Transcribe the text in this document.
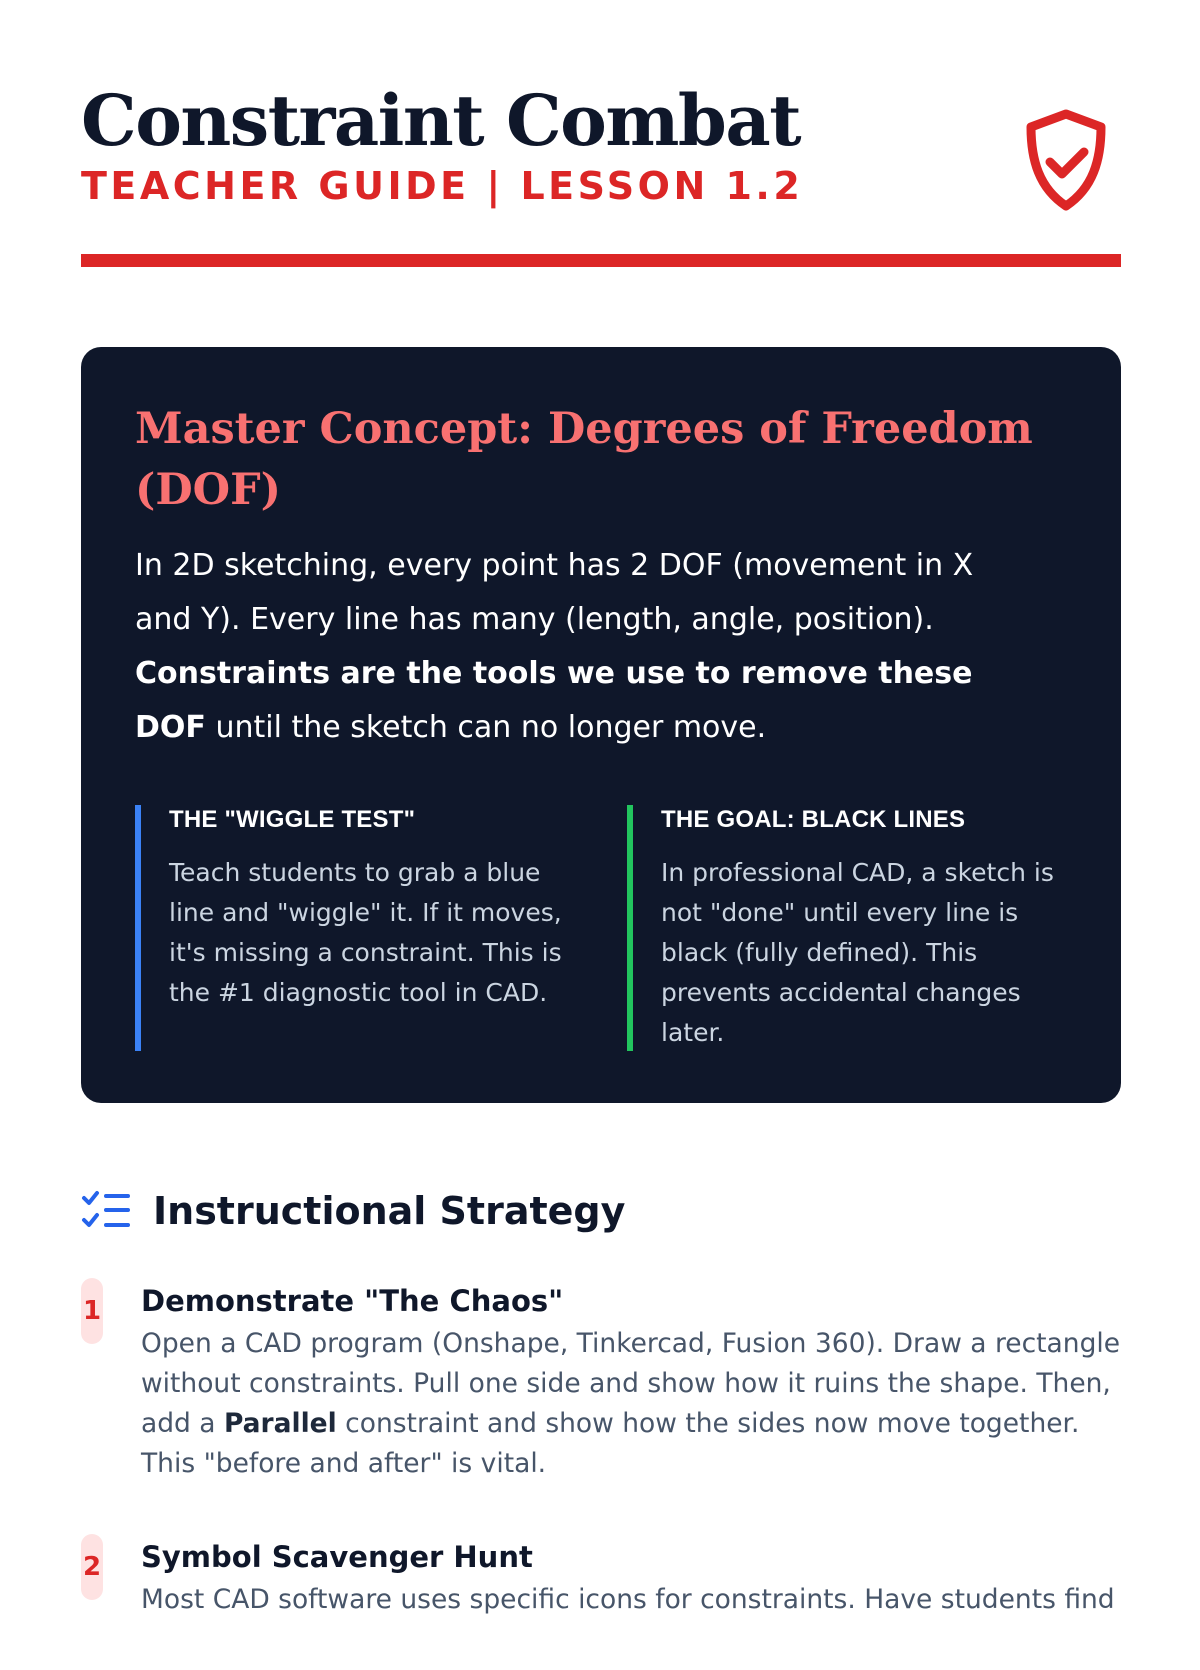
Constraint Combat
TEACHER GUIDE | LESSON 1.2
Master Concept: Degrees of Freedom (DOF)

In 2D sketching, every point has 2 DOF (movement in X and Y). Every line has many (length, angle, position). Constraints are the tools we use to remove these DOF until the sketch can no longer move.

THE "WIGGLE TEST"

Teach students to grab a blue line and "wiggle" it. If it moves, it's missing a constraint. This is the #1 diagnostic tool in CAD.

THE GOAL: BLACK LINES

In professional CAD, a sketch is not "done" until every line is black (fully defined). This prevents accidental changes later.

Instructional Strategy
1 Demonstrate "The Chaos"

Open a CAD program (Onshape, Tinkercad, Fusion 360). Draw a rectangle without constraints. Pull one side and show how it ruins the shape. Then, add a Parallel constraint and show how the sides now move together. This "before and after" is vital.

2 Symbol Scavenger Hunt

Most CAD software uses specific icons for constraints. Have students find
